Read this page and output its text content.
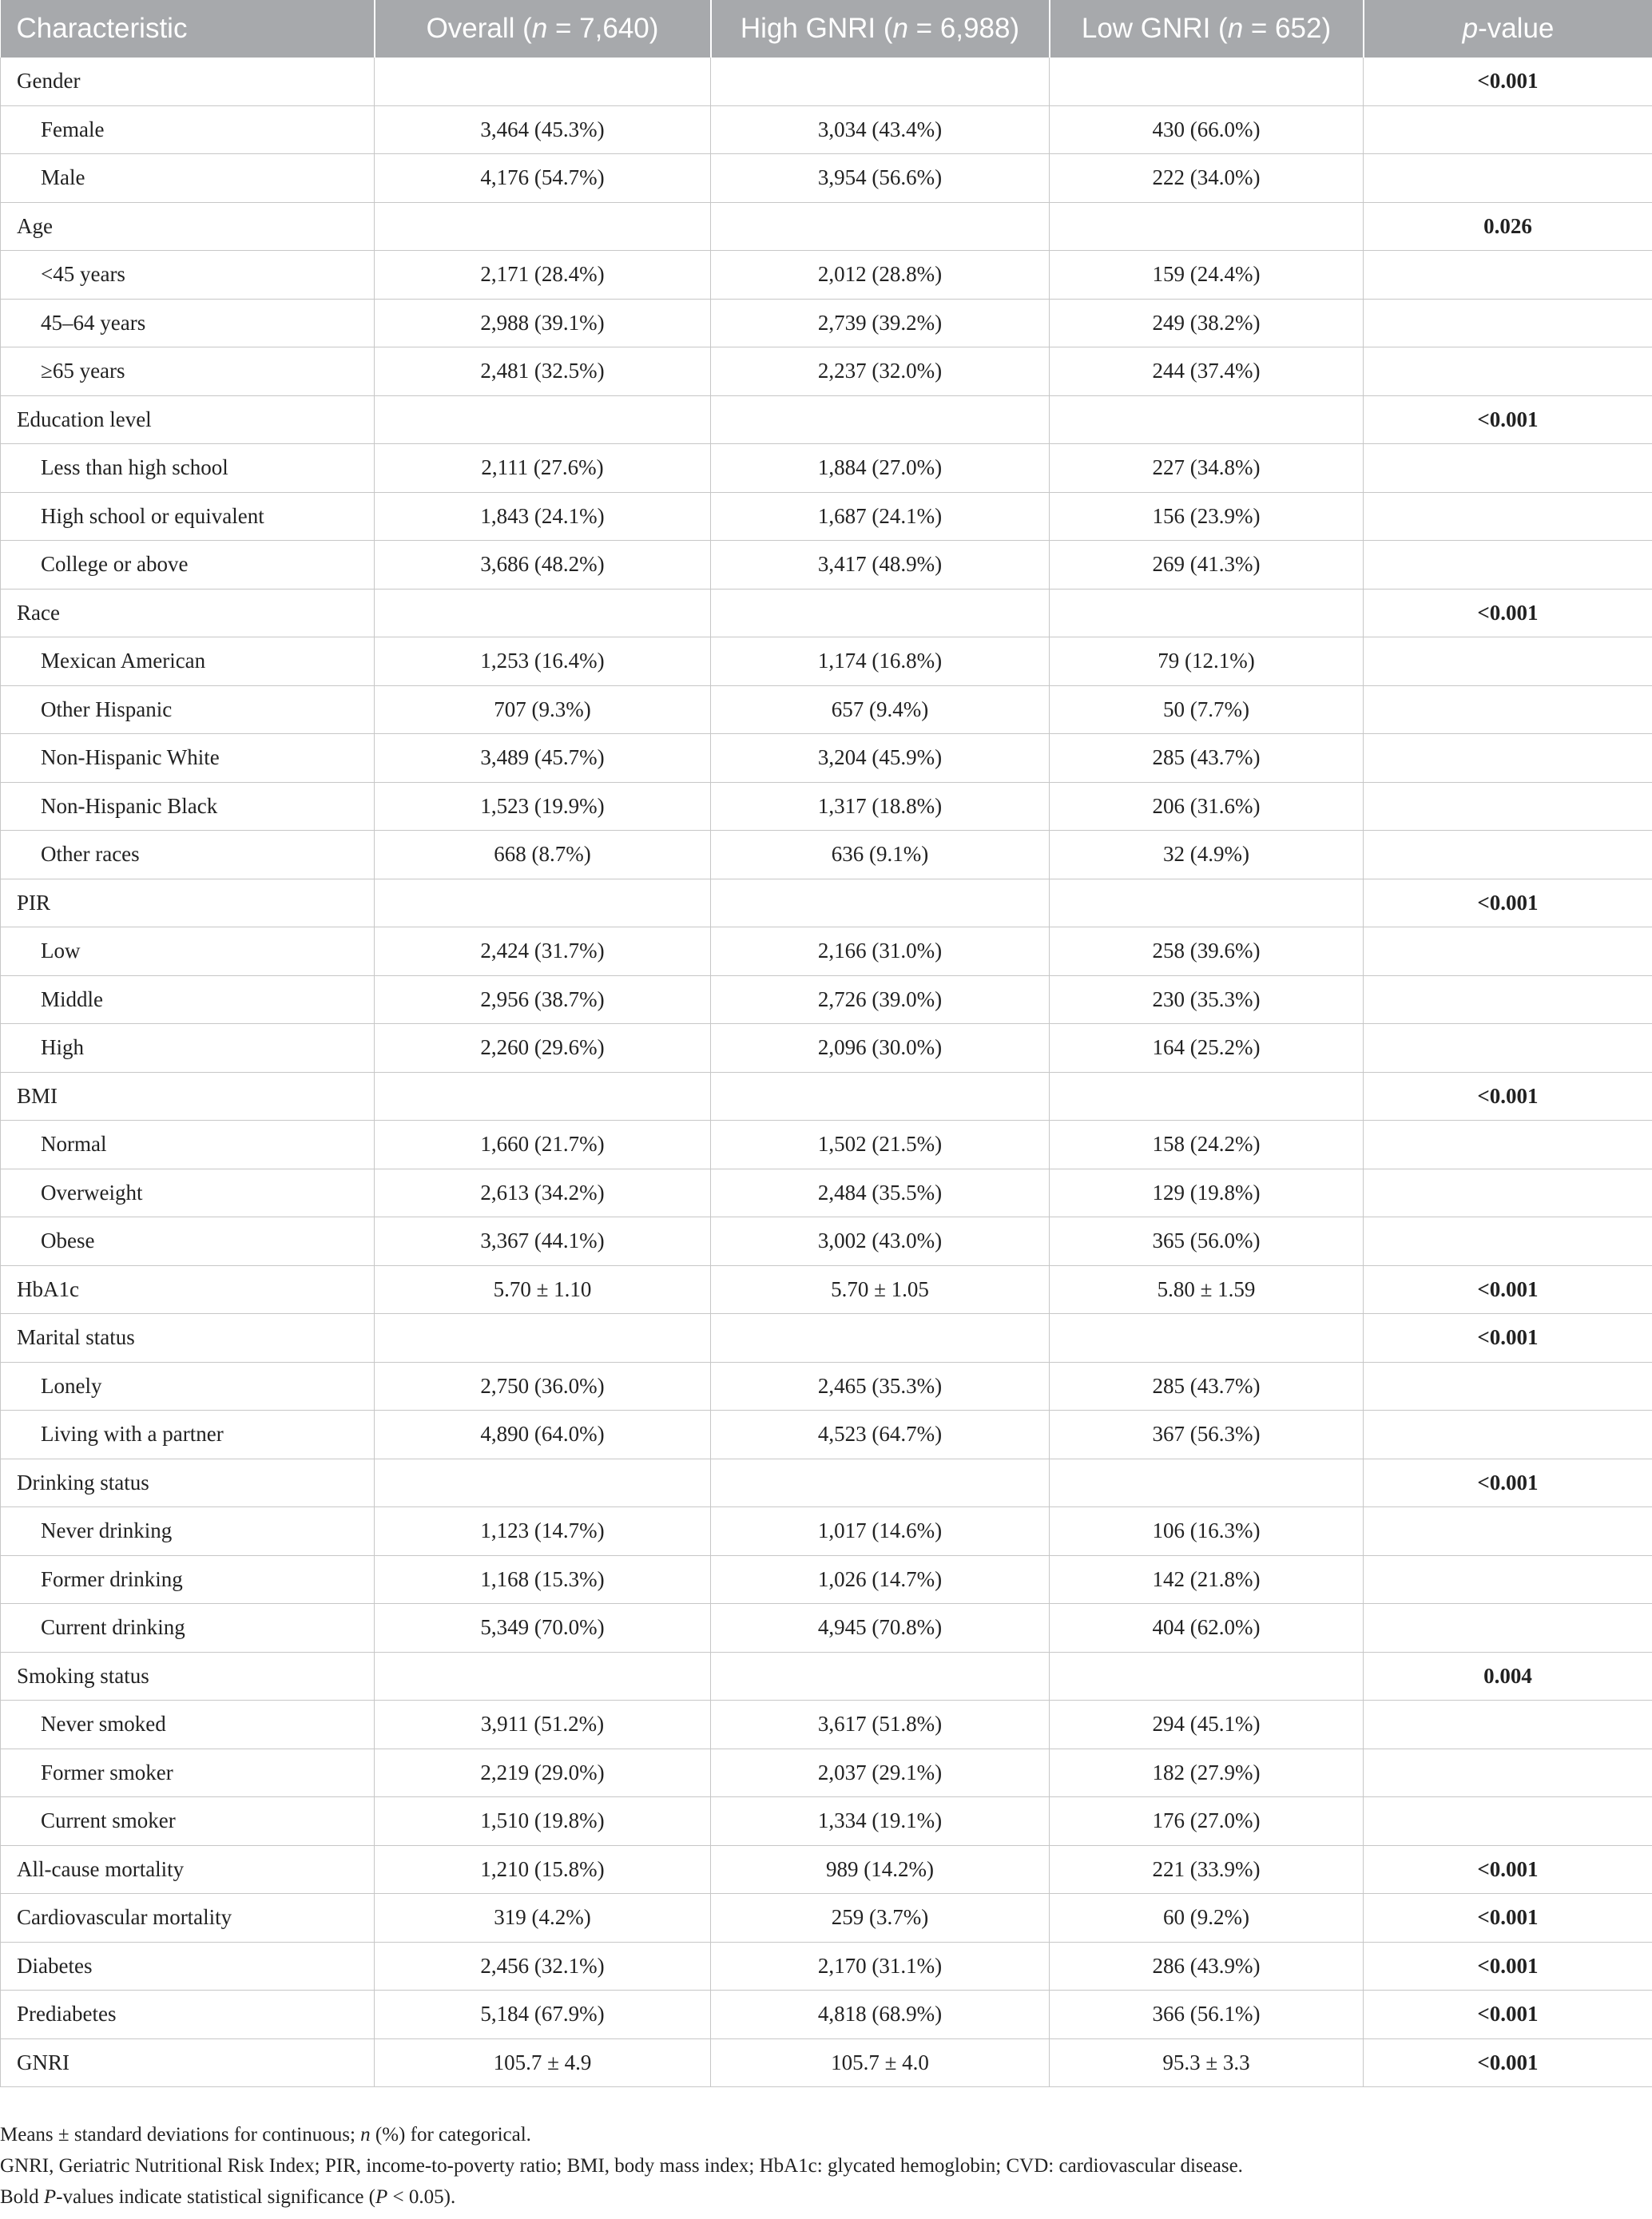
Characteristic	Overall (n = 7,640)	High GNRI (n = 6,988)	Low GNRI (n = 652)	p-value
Gender				<0.001
Female	3,464 (45.3%)	3,034 (43.4%)	430 (66.0%)	
Male	4,176 (54.7%)	3,954 (56.6%)	222 (34.0%)	
Age				0.026
<45 years	2,171 (28.4%)	2,012 (28.8%)	159 (24.4%)	
45–64 years	2,988 (39.1%)	2,739 (39.2%)	249 (38.2%)	
≥65 years	2,481 (32.5%)	2,237 (32.0%)	244 (37.4%)	
Education level				<0.001
Less than high school	2,111 (27.6%)	1,884 (27.0%)	227 (34.8%)	
High school or equivalent	1,843 (24.1%)	1,687 (24.1%)	156 (23.9%)	
College or above	3,686 (48.2%)	3,417 (48.9%)	269 (41.3%)	
Race				<0.001
Mexican American	1,253 (16.4%)	1,174 (16.8%)	79 (12.1%)	
Other Hispanic	707 (9.3%)	657 (9.4%)	50 (7.7%)	
Non-Hispanic White	3,489 (45.7%)	3,204 (45.9%)	285 (43.7%)	
Non-Hispanic Black	1,523 (19.9%)	1,317 (18.8%)	206 (31.6%)	
Other races	668 (8.7%)	636 (9.1%)	32 (4.9%)	
PIR				<0.001
Low	2,424 (31.7%)	2,166 (31.0%)	258 (39.6%)	
Middle	2,956 (38.7%)	2,726 (39.0%)	230 (35.3%)	
High	2,260 (29.6%)	2,096 (30.0%)	164 (25.2%)	
BMI				<0.001
Normal	1,660 (21.7%)	1,502 (21.5%)	158 (24.2%)	
Overweight	2,613 (34.2%)	2,484 (35.5%)	129 (19.8%)	
Obese	3,367 (44.1%)	3,002 (43.0%)	365 (56.0%)	
HbA1c	5.70 ± 1.10	5.70 ± 1.05	5.80 ± 1.59	<0.001
Marital status				<0.001
Lonely	2,750 (36.0%)	2,465 (35.3%)	285 (43.7%)	
Living with a partner	4,890 (64.0%)	4,523 (64.7%)	367 (56.3%)	
Drinking status				<0.001
Never drinking	1,123 (14.7%)	1,017 (14.6%)	106 (16.3%)	
Former drinking	1,168 (15.3%)	1,026 (14.7%)	142 (21.8%)	
Current drinking	5,349 (70.0%)	4,945 (70.8%)	404 (62.0%)	
Smoking status				0.004
Never smoked	3,911 (51.2%)	3,617 (51.8%)	294 (45.1%)	
Former smoker	2,219 (29.0%)	2,037 (29.1%)	182 (27.9%)	
Current smoker	1,510 (19.8%)	1,334 (19.1%)	176 (27.0%)	
All-cause mortality	1,210 (15.8%)	989 (14.2%)	221 (33.9%)	<0.001
Cardiovascular mortality	319 (4.2%)	259 (3.7%)	60 (9.2%)	<0.001
Diabetes	2,456 (32.1%)	2,170 (31.1%)	286 (43.9%)	<0.001
Prediabetes	5,184 (67.9%)	4,818 (68.9%)	366 (56.1%)	<0.001
GNRI	105.7 ± 4.9	105.7 ± 4.0	95.3 ± 3.3	<0.001

Means ± standard deviations for continuous; n (%) for categorical.

GNRI, Geriatric Nutritional Risk Index; PIR, income-to-poverty ratio; BMI, body mass index; HbA1c: glycated hemoglobin; CVD: cardiovascular disease.

Bold P-values indicate statistical significance (P < 0.05).
